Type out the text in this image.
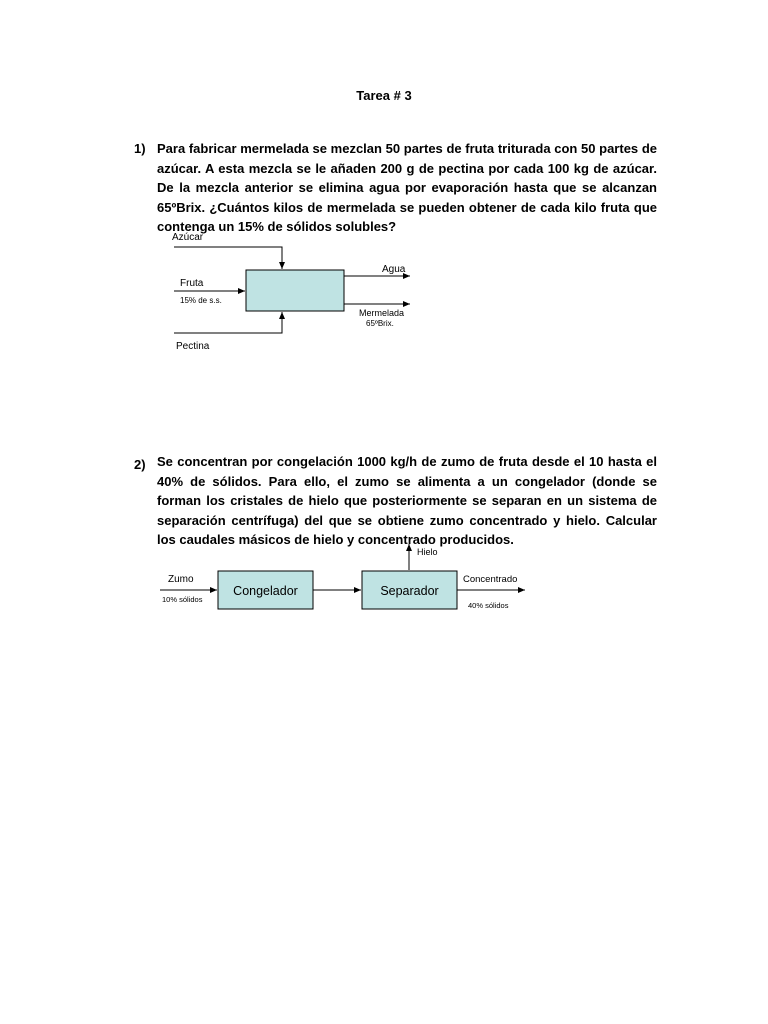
Tarea # 3
1) Para fabricar mermelada se mezclan 50 partes de fruta triturada con 50 partes de azúcar. A esta mezcla se le añaden 200 g de pectina por cada 100 kg de azúcar. De la mezcla anterior se elimina agua por evaporación hasta que se alcanzan 65ºBrix. ¿Cuántos kilos de mermelada se pueden obtener de cada kilo fruta que contenga un 15% de sólidos solubles?
Azúcar
Fruta
15% de s.s.
Pectina
Agua
Mermelada
65ºBrix.
2) Se concentran por congelación 1000 kg/h de zumo de fruta desde el 10 hasta el 40% de sólidos. Para ello, el zumo se alimenta a un congelador (donde se forman los cristales de hielo que posteriormente se separan en un sistema de separación centrífuga) del que se obtiene zumo concentrado y hielo. Calcular los caudales másicos de hielo y concentrado producidos.
Zumo
10% sólidos
Congelador	Separador
Hielo
Concentrado
40% sólidos
